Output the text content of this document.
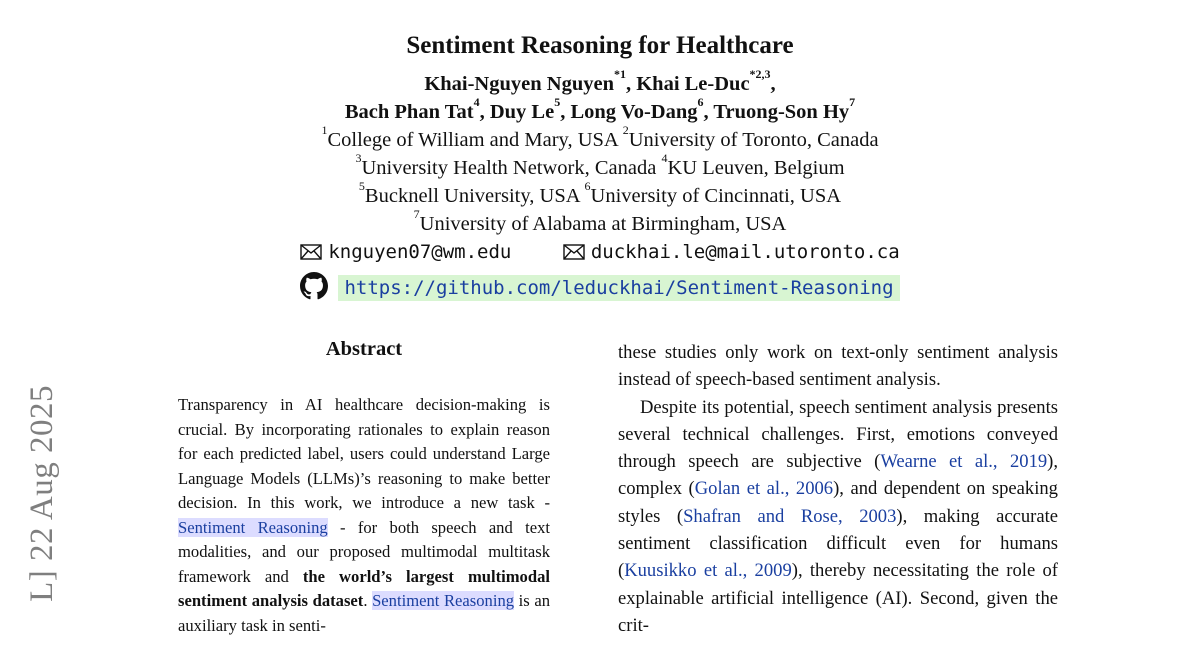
L] 22 Aug 2025
Sentiment Reasoning for Healthcare
Khai-Nguyen Nguyen$^{*1}$, Khai Le-Duc$^{*2,3}$,
Bach Phan Tat$^4$, Duy Le$^5$, Long Vo-Dang$^6$, Truong-Son Hy$^7$
$^1$College of William and Mary, USA $^2$University of Toronto, Canada
$^3$University Health Network, Canada $^4$KU Leuven, Belgium
$^5$Bucknell University, USA $^6$University of Cincinnati, USA
$^7$University of Alabama at Birmingham, USA
knguyen07@wm.edu	duckhai.le@mail.utoronto.ca
https://github.com/leduckhai/Sentiment-Reasoning
Abstract
Transparency in AI healthcare decision-making is crucial. By incorporating rationales to explain reason for each predicted label, users could understand Large Language Models (LLMs)’s reasoning to make better decision. In this work, we introduce a new task - Sentiment Reasoning - for both speech and text modalities, and our proposed multimodal multitask framework and the world’s largest multimodal sentiment analysis dataset. Sentiment Reasoning is an auxiliary task in senti-

these studies only work on text-only sentiment analysis instead of speech-based sentiment analysis.

Despite its potential, speech sentiment analysis presents several technical challenges. First, emotions conveyed through speech are subjective (Wearne et al., 2019), complex (Golan et al., 2006), and dependent on speaking styles (Shafran and Rose, 2003), making accurate sentiment classification difficult even for humans (Kuusikko et al., 2009), thereby necessitating the role of explainable artificial intelligence (AI). Second, given the crit-
